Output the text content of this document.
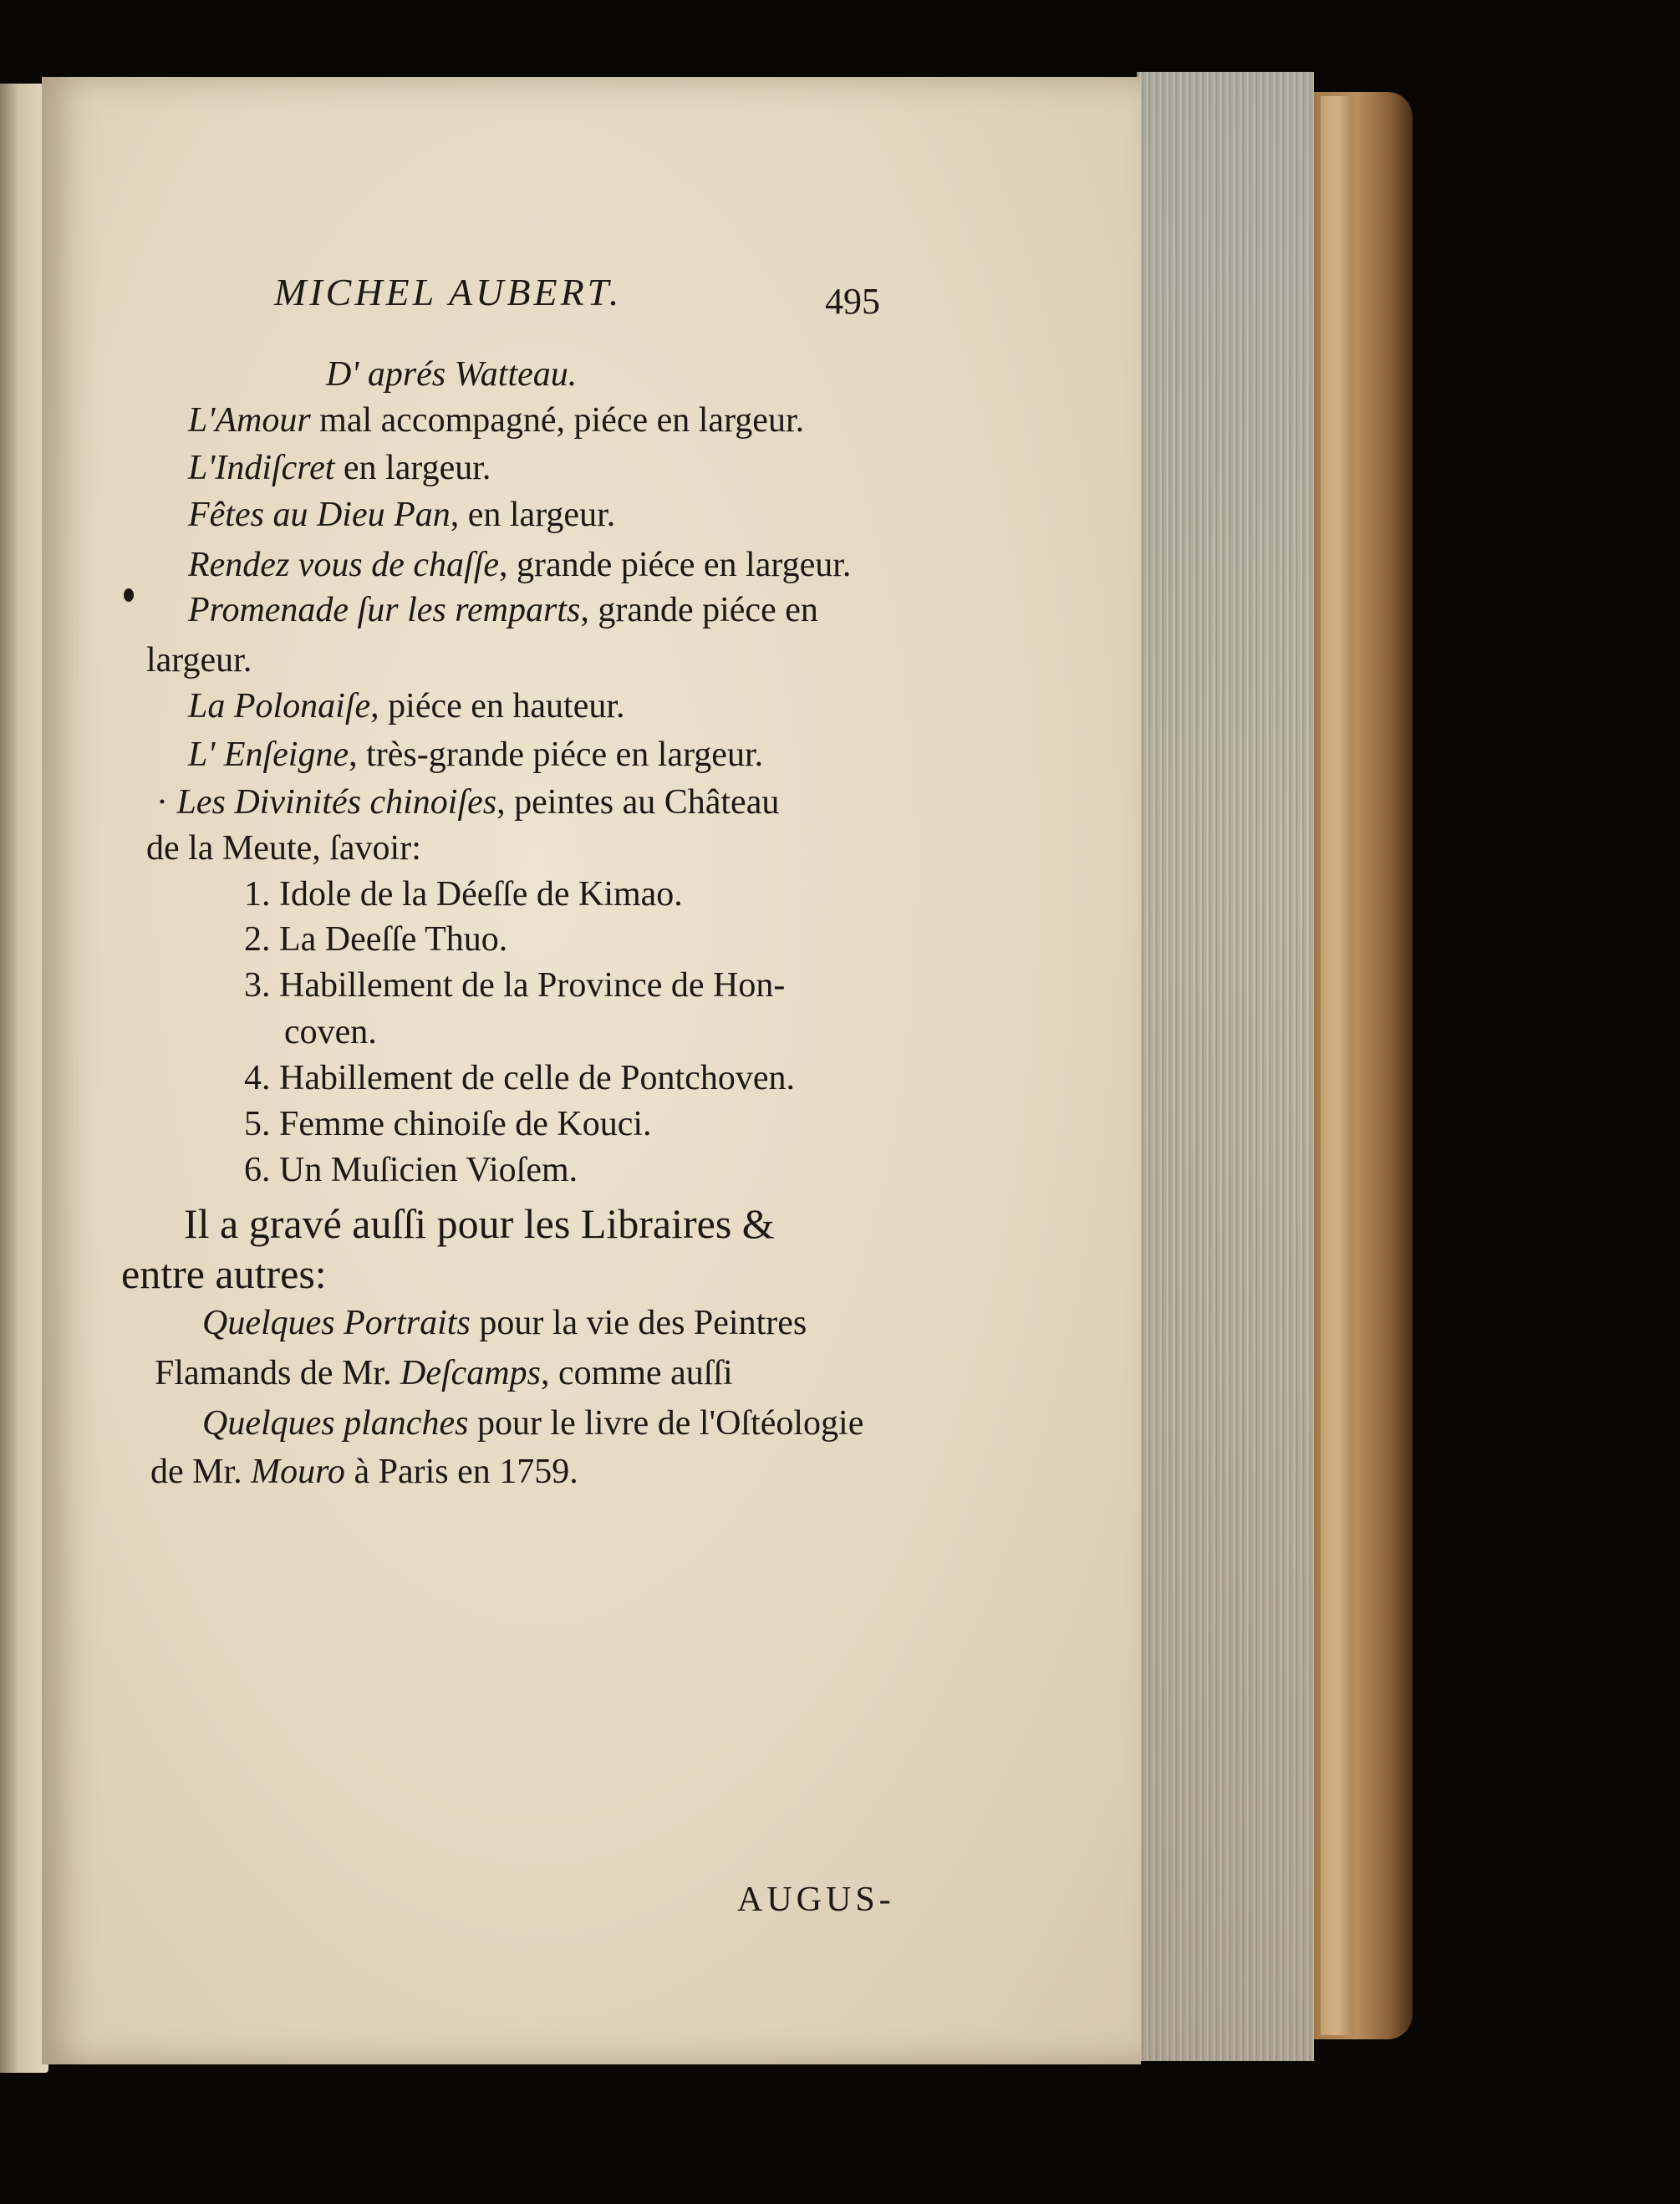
MICHEL AUBERT.	495
D' aprés Watteau.
L'Amour mal accompagné, piéce en largeur.
L'Indiſcret en largeur.
Fêtes au Dieu Pan, en largeur.
Rendez vous de chaſſe, grande piéce en largeur.
Promenade ſur les remparts, grande piéce en
largeur.
La Polonaiſe, piéce en hauteur.
L' Enſeigne, très-grande piéce en largeur.
· Les Divinités chinoiſes, peintes au Château
de la Meute, ſavoir:
1. Idole de la Déeſſe de Kimao.
2. La Deeſſe Thuo.
3. Habillement de la Province de Hon-
coven.
4. Habillement de celle de Pontchoven.
5. Femme chinoiſe de Kouci.
6. Un Muſicien Vioſem.
Il a gravé auſſi pour les Libraires &
entre autres:
Quelques Portraits pour la vie des Peintres
Flamands de Mr. Deſcamps, comme auſſi
Quelques planches pour le livre de l'Oſtéologie
de Mr. Mouro à Paris en 1759.
AUGUS-
